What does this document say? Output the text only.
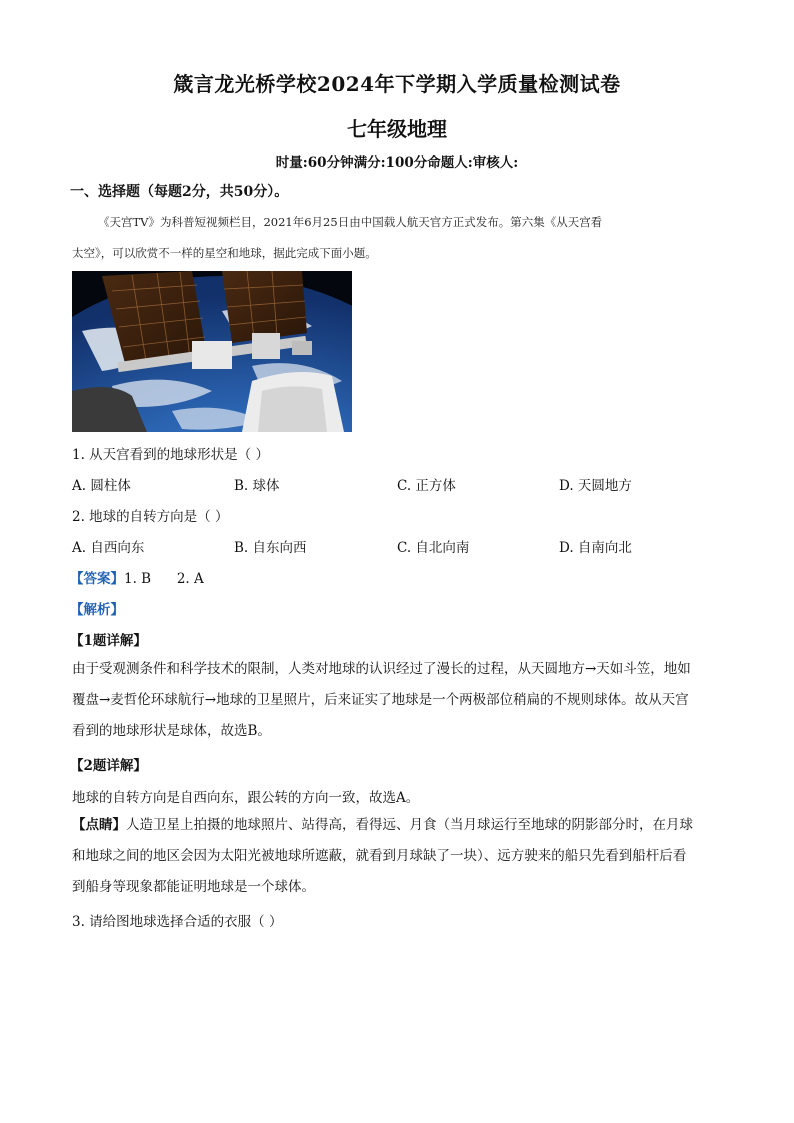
箴言龙光桥学校2024年下学期入学质量检测试卷
七年级地理
时量:60分钟满分:100分命题人:审核人:
一、选择题（每题2分，共50分）。
《天宫TV》为科普短视频栏目，2021年6月25日由中国载人航天官方正式发布。第六集《从天宫看
太空》，可以欣赏不一样的星空和地球，据此完成下面小题。
1. 从天宫看到的地球形状是（ ）
A. 圆柱体	B. 球体	C. 正方体	D. 天圆地方
2. 地球的自转方向是（ ）
A. 自西向东	B. 自东向西	C. 自北向南	D. 自南向北
【答案】1. B      2. A
【解析】
【1题详解】
由于受观测条件和科学技术的限制，人类对地球的认识经过了漫长的过程，从天圆地方→天如斗笠，地如
覆盘→麦哲伦环球航行→地球的卫星照片，后来证实了地球是一个两极部位稍扁的不规则球体。故从天宫
看到的地球形状是球体，故选B。
【2题详解】
地球的自转方向是自西向东，跟公转的方向一致，故选A。
【点睛】人造卫星上拍摄的地球照片、站得高，看得远、月食（当月球运行至地球的阴影部分时，在月球
和地球之间的地区会因为太阳光被地球所遮蔽，就看到月球缺了一块）、远方驶来的船只先看到船杆后看
到船身等现象都能证明地球是一个球体。
3. 请给图地球选择合适的衣服（ ）
